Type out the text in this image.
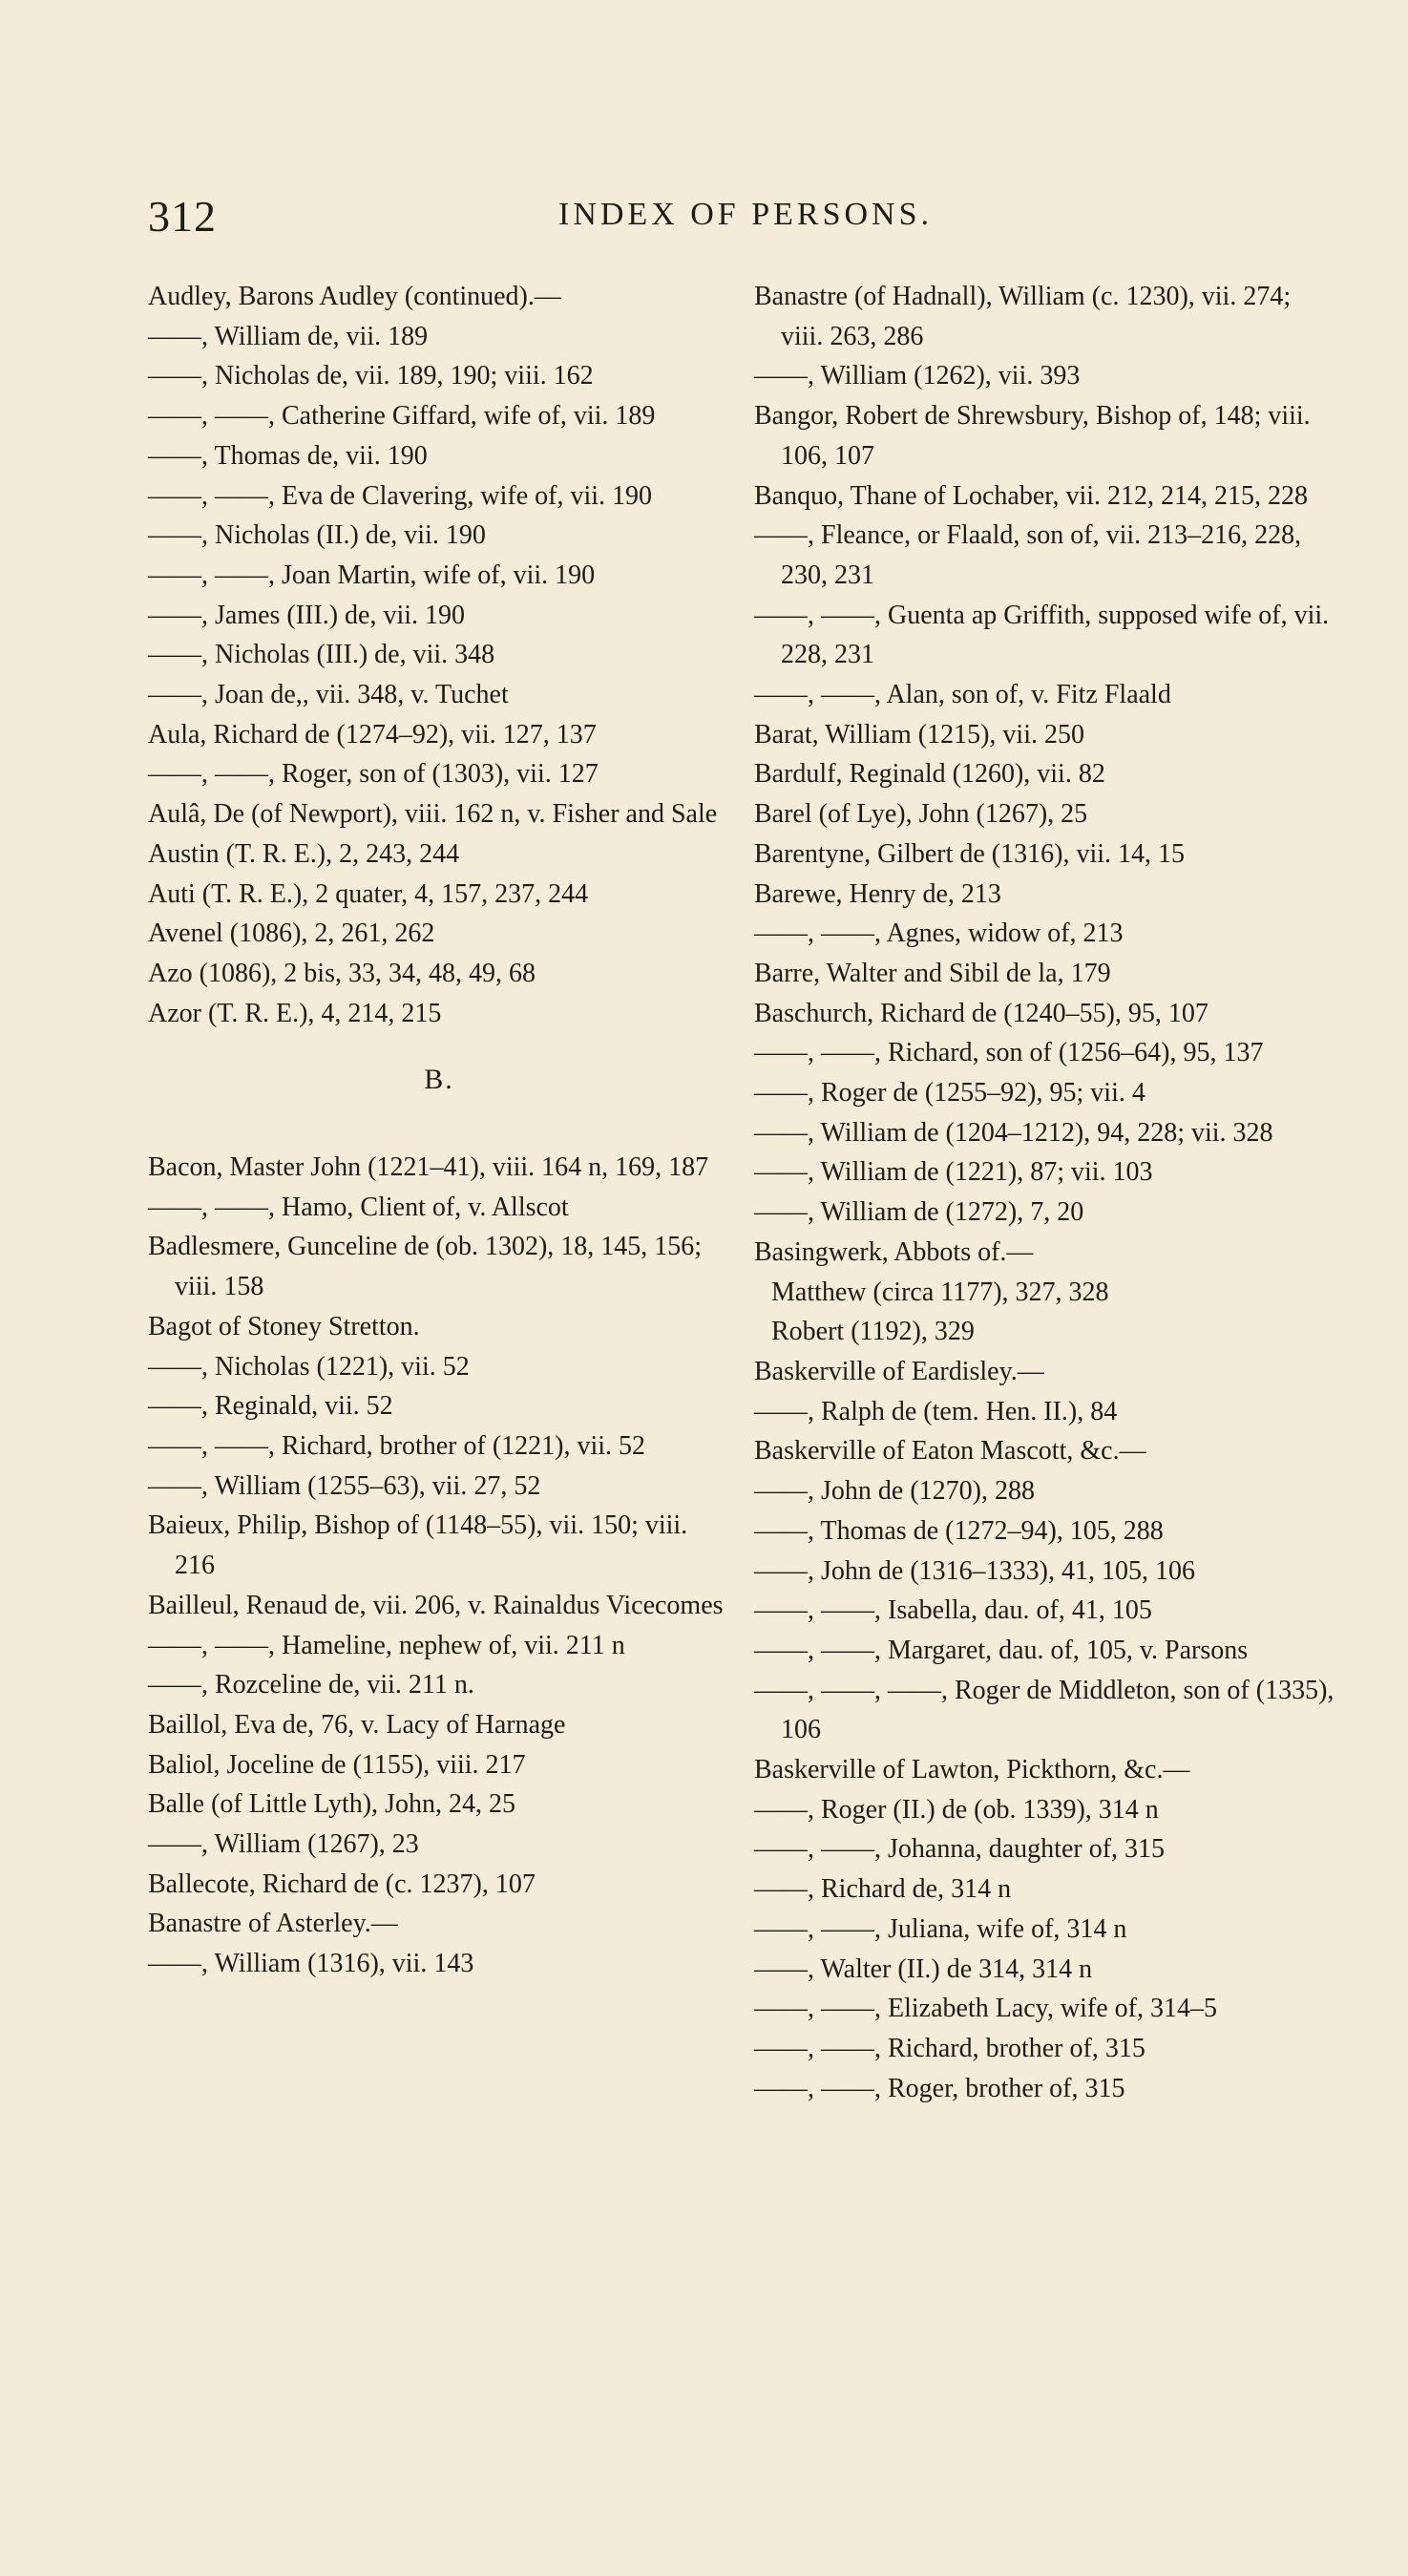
312	INDEX OF PERSONS.

Audley, Barons Audley (continued).—

——, William de, vii. 189

——, Nicholas de, vii. 189, 190; viii. 162

——, ——, Catherine Giffard, wife of, vii. 189

——, Thomas de, vii. 190

——, ——, Eva de Clavering, wife of, vii. 190

——, Nicholas (II.) de, vii. 190

——, ——, Joan Martin, wife of, vii. 190

——, James (III.) de, vii. 190

——, Nicholas (III.) de, vii. 348

——, Joan de,, vii. 348, v. Tuchet

Aula, Richard de (1274–92), vii. 127, 137

——, ——, Roger, son of (1303), vii. 127

Aulâ, De (of Newport), viii. 162 n, v. Fisher and Sale

Austin (T. R. E.), 2, 243, 244

Auti (T. R. E.), 2 quater, 4, 157, 237, 244

Avenel (1086), 2, 261, 262

Azo (1086), 2 bis, 33, 34, 48, 49, 68

Azor (T. R. E.), 4, 214, 215

B.

Bacon, Master John (1221–41), viii. 164 n, 169, 187

——, ——, Hamo, Client of, v. Allscot

Badlesmere, Gunceline de (ob. 1302), 18, 145, 156; viii. 158

Bagot of Stoney Stretton.

——, Nicholas (1221), vii. 52

——, Reginald, vii. 52

——, ——, Richard, brother of (1221), vii. 52

——, William (1255–63), vii. 27, 52

Baieux, Philip, Bishop of (1148–55), vii. 150; viii. 216

Bailleul, Renaud de, vii. 206, v. Rainaldus Vicecomes

——, ——, Hameline, nephew of, vii. 211 n

——, Rozceline de, vii. 211 n.

Baillol, Eva de, 76, v. Lacy of Harnage

Baliol, Joceline de (1155), viii. 217

Balle (of Little Lyth), John, 24, 25

——, William (1267), 23

Ballecote, Richard de (c. 1237), 107

Banastre of Asterley.—

——, William (1316), vii. 143

Banastre (of Hadnall), William (c. 1230), vii. 274; viii. 263, 286

——, William (1262), vii. 393

Bangor, Robert de Shrewsbury, Bishop of, 148; viii. 106, 107

Banquo, Thane of Lochaber, vii. 212, 214, 215, 228

——, Fleance, or Flaald, son of, vii. 213–216, 228, 230, 231

——, ——, Guenta ap Griffith, supposed wife of, vii. 228, 231

——, ——, Alan, son of, v. Fitz Flaald

Barat, William (1215), vii. 250

Bardulf, Reginald (1260), vii. 82

Barel (of Lye), John (1267), 25

Barentyne, Gilbert de (1316), vii. 14, 15

Barewe, Henry de, 213

——, ——, Agnes, widow of, 213

Barre, Walter and Sibil de la, 179

Baschurch, Richard de (1240–55), 95, 107

——, ——, Richard, son of (1256–64), 95, 137

——, Roger de (1255–92), 95; vii. 4

——, William de (1204–1212), 94, 228; vii. 328

——, William de (1221), 87; vii. 103

——, William de (1272), 7, 20

Basingwerk, Abbots of.—

Matthew (circa 1177), 327, 328

Robert (1192), 329

Baskerville of Eardisley.—

——, Ralph de (tem. Hen. II.), 84

Baskerville of Eaton Mascott, &c.—

——, John de (1270), 288

——, Thomas de (1272–94), 105, 288

——, John de (1316–1333), 41, 105, 106

——, ——, Isabella, dau. of, 41, 105

——, ——, Margaret, dau. of, 105, v. Parsons

——, ——, ——, Roger de Middleton, son of (1335), 106

Baskerville of Lawton, Pickthorn, &c.—

——, Roger (II.) de (ob. 1339), 314 n

——, ——, Johanna, daughter of, 315

——, Richard de, 314 n

——, ——, Juliana, wife of, 314 n

——, Walter (II.) de 314, 314 n

——, ——, Elizabeth Lacy, wife of, 314–5

——, ——, Richard, brother of, 315

——, ——, Roger, brother of, 315
